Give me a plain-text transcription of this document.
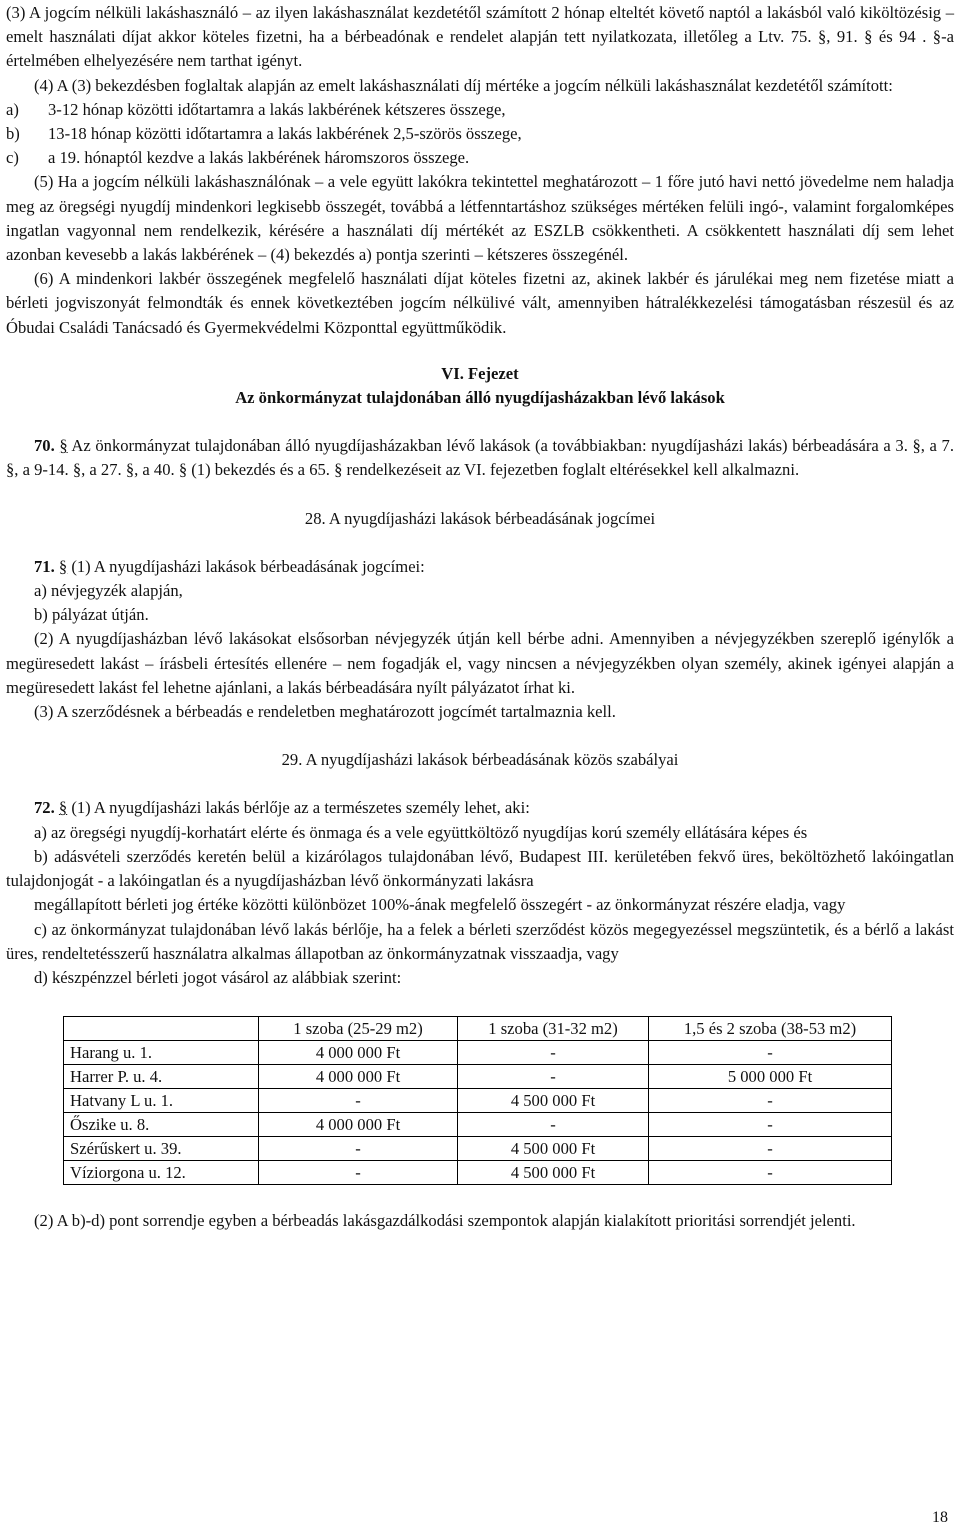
(3) A jogcím nélküli lakáshasználó – az ilyen lakáshasználat kezdetétől számított 2 hónap elteltét követő naptól a lakásból való kiköltözésig – emelt használati díjat akkor köteles fizetni, ha a bérbeadónak e rendelet alapján tett nyilatkozata, illetőleg a Ltv. 75. §, 91. § és 94 . §-a értelmében elhelyezésére nem tarthat igényt.

(4) A (3) bekezdésben foglaltak alapján az emelt lakáshasználati díj mértéke a jogcím nélküli lakáshasználat kezdetétől számított:

a)	3-12 hónap közötti időtartamra a lakás lakbérének kétszeres összege,
b)	13-18 hónap közötti időtartamra a lakás lakbérének 2,5-szörös összege,
c)	a 19. hónaptól kezdve a lakás lakbérének háromszoros összege.

(5) Ha a jogcím nélküli lakáshasználónak – a vele együtt lakókra tekintettel meghatározott – 1 főre jutó havi nettó jövedelme nem haladja meg az öregségi nyugdíj mindenkori legkisebb összegét, továbbá a létfenntartáshoz szükséges mértéken felüli ingó-, valamint forgalomképes ingatlan vagyonnal nem rendelkezik, kérésére a használati díj mértékét az ESZLB csökkentheti. A csökkentett használati díj sem lehet azonban kevesebb a lakás lakbérének – (4) bekezdés a) pontja szerinti – kétszeres összegénél.

(6) A mindenkori lakbér összegének megfelelő használati díjat köteles fizetni az, akinek lakbér és járulékai meg nem fizetése miatt a bérleti jogviszonyát felmondták és ennek következtében jogcím nélkülivé vált, amennyiben hátralékkezelési támogatásban részesül és az Óbudai Családi Tanácsadó és Gyermekvédelmi Központtal együttműködik.

VI. Fejezet

Az önkormányzat tulajdonában álló nyugdíjasházakban lévő lakások

70. § Az önkormányzat tulajdonában álló nyugdíjasházakban lévő lakások (a továbbiakban: nyugdíjasházi lakás) bérbeadására a 3. §, a 7. §, a 9-14. §, a 27. §, a 40. § (1) bekezdés és a 65. § rendelkezéseit az VI. fejezetben foglalt eltérésekkel kell alkalmazni.

28. A nyugdíjasházi lakások bérbeadásának jogcímei

71. § (1) A nyugdíjasházi lakások bérbeadásának jogcímei:

a) névjegyzék alapján,

b) pályázat útján.

(2) A nyugdíjasházban lévő lakásokat elsősorban névjegyzék útján kell bérbe adni. Amennyiben a névjegyzékben szereplő igénylők a megüresedett lakást – írásbeli értesítés ellenére – nem fogadják el, vagy nincsen a névjegyzékben olyan személy, akinek igényei alapján a megüresedett lakást fel lehetne ajánlani, a lakás bérbeadására nyílt pályázatot írhat ki.

(3) A szerződésnek a bérbeadás e rendeletben meghatározott jogcímét tartalmaznia kell.

29. A nyugdíjasházi lakások bérbeadásának közös szabályai

72. § (1) A nyugdíjasházi lakás bérlője az a természetes személy lehet, aki:

a) az öregségi nyugdíj-korhatárt elérte és önmaga és a vele együttköltöző nyugdíjas korú személy ellátására képes és

b) adásvételi szerződés keretén belül a kizárólagos tulajdonában lévő, Budapest III. kerületében fekvő üres, beköltözhető lakóingatlan tulajdonjogát - a lakóingatlan és a nyugdíjasházban lévő önkormányzati lakásra

megállapított bérleti jog értéke közötti különbözet 100%-ának megfelelő összegért - az önkormányzat részére eladja, vagy

c) az önkormányzat tulajdonában lévő lakás bérlője, ha a felek a bérleti szerződést közös megegyezéssel megszüntetik, és a bérlő a lakást üres, rendeltetésszerű használatra alkalmas állapotban az önkormányzatnak visszaadja, vagy

d) készpénzzel bérleti jogot vásárol az alábbiak szerint:

	1 szoba (25-29 m2)	1 szoba (31-32 m2)	1,5 és 2 szoba (38-53 m2)
Harang u. 1.	4 000 000 Ft	-	-
Harrer P. u. 4.	4 000 000 Ft	-	5 000 000 Ft
Hatvany L u. 1.	-	4 500 000 Ft	-
Őszike u. 8.	4 000 000 Ft	-	-
Szérűskert u. 39.	-	4 500 000 Ft	-
Víziorgona u. 12.	-	4 500 000 Ft	-

(2) A b)-d) pont sorrendje egyben a bérbeadás lakásgazdálkodási szempontok alapján kialakított prioritási sorrendjét jelenti.

18
